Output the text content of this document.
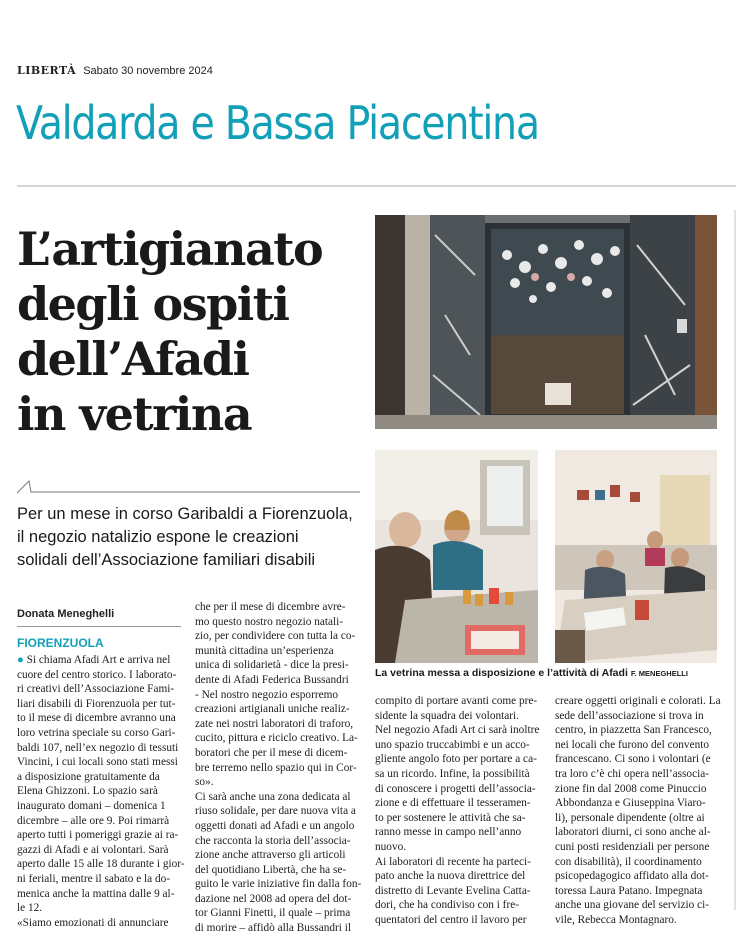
LIBERTÀ Sabato 30 novembre 2024
Valdarda e Bassa Piacentina
L’artigianato
degli ospiti
dell’Afadi
in vetrina
Per un mese in corso Garibaldi a Fiorenzuola,
il negozio natalizio espone le creazioni
solidali dell’Associazione familiari disabili
Donata Meneghelli
FIORENZUOLA
● Si chiama Afadi Art e arriva nel
cuore del centro storico. I laborato-
ri creativi dell’Associazione Fami-
liari disabili di Fiorenzuola per tut-
to il mese di dicembre avranno una
loro vetrina speciale su corso Gari-
baldi 107, nell’ex negozio di tessuti
Vincini, i cui locali sono stati messi
a disposizione gratuitamente da
Elena Ghizzoni. Lo spazio sarà
inaugurato domani – domenica 1
dicembre – alle ore 9. Poi rimarrà
aperto tutti i pomeriggi grazie ai ra-
gazzi di Afadi e ai volontari. Sarà
aperto dalle 15 alle 18 durante i gior-
ni feriali, mentre il sabato e la do-
menica anche la mattina dalle 9 al-
le 12.
«Siamo emozionati di annunciare
che per il mese di dicembre avre-
mo questo nostro negozio natali-
zio, per condividere con tutta la co-
munità cittadina un’esperienza
unica di solidarietà - dice la presi-
dente di Afadi Federica Bussandri
- Nel nostro negozio esporremo
creazioni artigianali uniche realiz-
zate nei nostri laboratori di traforo,
cucito, pittura e riciclo creativo. La-
boratori che per il mese di dicem-
bre terremo nello spazio qui in Cor-
so».
Ci sarà anche una zona dedicata al
riuso solidale, per dare nuova vita a
oggetti donati ad Afadi e un angolo
che racconta la storia dell’associa-
zione anche attraverso gli articoli
del quotidiano Libertà, che ha se-
guito le varie iniziative fin dalla fon-
dazione nel 2008 ad opera del dot-
tor Gianni Finetti, il quale – prima
di morire – affidò alla Bussandri il
La vetrina messa a disposizione e l’attività di Afadi F. MENEGHELLI
compito di portare avanti come pre-
sidente la squadra dei volontari.
Nel negozio Afadi Art ci sarà inoltre
uno spazio truccabimbi e un acco-
gliente angolo foto per portare a ca-
sa un ricordo. Infine, la possibilità
di conoscere i progetti dell’associa-
zione e di effettuare il tesseramen-
to per sostenere le attività che sa-
ranno messe in campo nell’anno
nuovo.
Ai laboratori di recente ha parteci-
pato anche la nuova direttrice del
distretto di Levante Evelina Catta-
dori, che ha condiviso con i fre-
quentatori del centro il lavoro per
creare oggetti originali e colorati. La
sede dell’associazione si trova in
centro, in piazzetta San Francesco,
nei locali che furono del convento
francescano. Ci sono i volontari (e
tra loro c’è chi opera nell’associa-
zione fin dal 2008 come Pinuccio
Abbondanza e Giuseppina Viaro-
li), personale dipendente (oltre ai
laboratori diurni, ci sono anche al-
cuni posti residenziali per persone
con disabilità), il coordinamento
psicopedagogico affidato alla dot-
toressa Laura Patano. Impegnata
anche una giovane del servizio ci-
vile, Rebecca Montagnaro.
